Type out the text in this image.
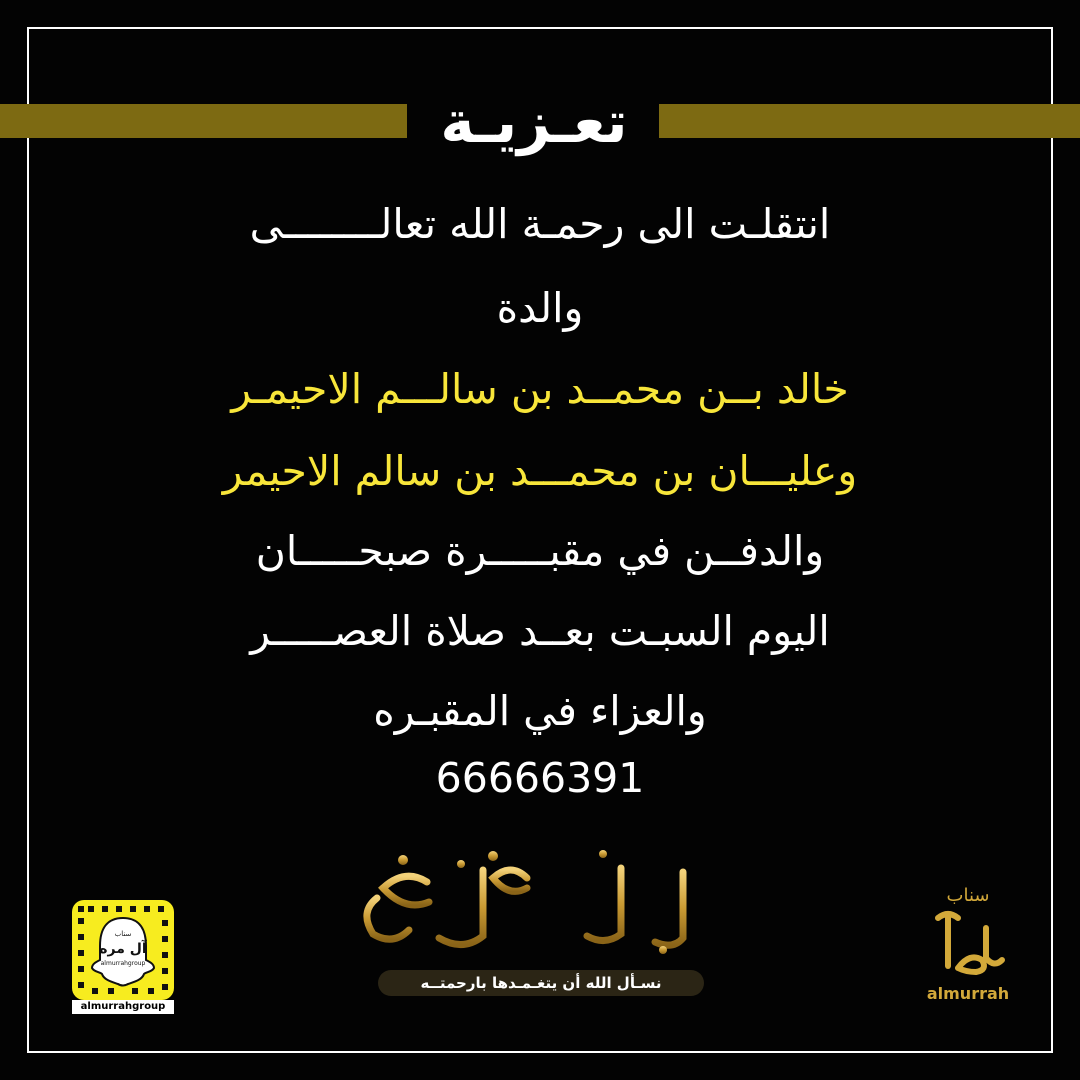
تعـزيـة
انتقلـت الى رحمـة الله تعالــــــــى
والدة
خالد بــن محمــد بن سالـــم الاحيمـر
وعليـــان بن محمـــد بن سالم الاحيمر
والدفــن في مقبـــــرة صبحـــــان
اليوم السبـت بعــد صلاة العصـــــر
والعزاء في المقبـره
66666391
نسـأل الله أن يتغـمـدها بارحمتــه
سناب
آل مره
almurrahgroup
almurrahgroup
سناب
almurrah
